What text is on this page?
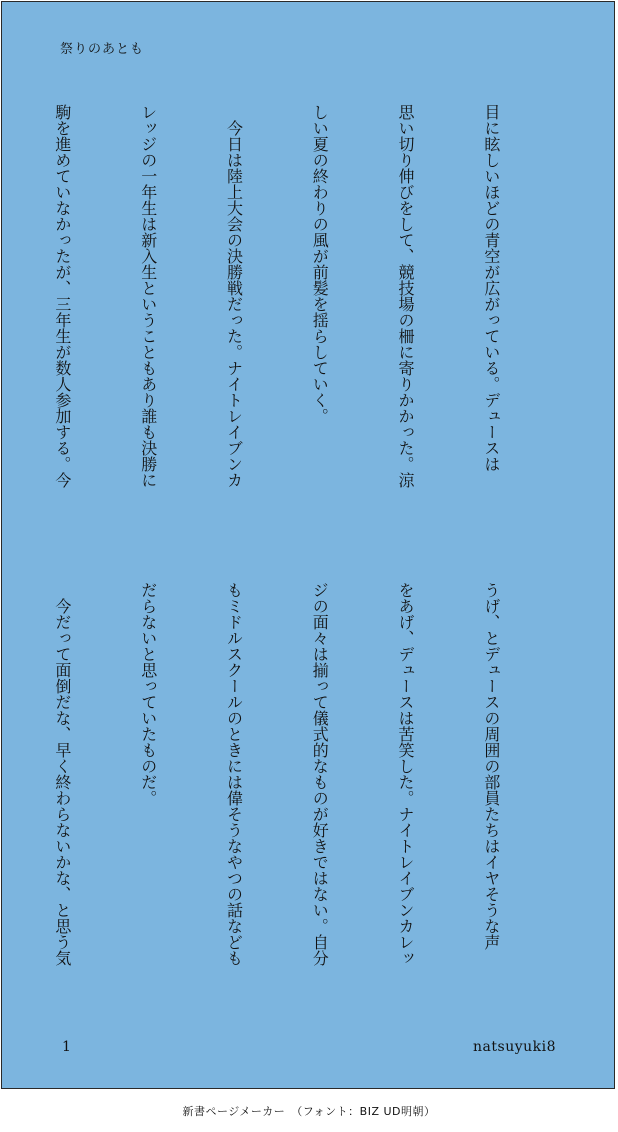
祭りのあとも

目に眩しいほどの青空が広がっている。デュースは

思い切り伸びをして、競技場の柵に寄りかかった。涼

しい夏の終わりの風が前髪を揺らしていく。

　今日は陸上大会の決勝戦だった。ナイトレイブンカ

レッジの一年生は新入生ということもあり誰も決勝に

駒を進めていなかったが、三年生が数人参加する。今

うげ、とデュースの周囲の部員たちはイヤそうな声

をあげ、デュースは苦笑した。ナイトレイブンカレッ

ジの面々は揃って儀式的なものが好きではない。自分

もミドルスクールのときには偉そうなやつの話なども

だらないと思っていたものだ。

　今だって面倒だな、早く終わらないかな、と思う気

1	natsuyuki8
新書ページメーカー　（フォント：BIZ UD明朝）
